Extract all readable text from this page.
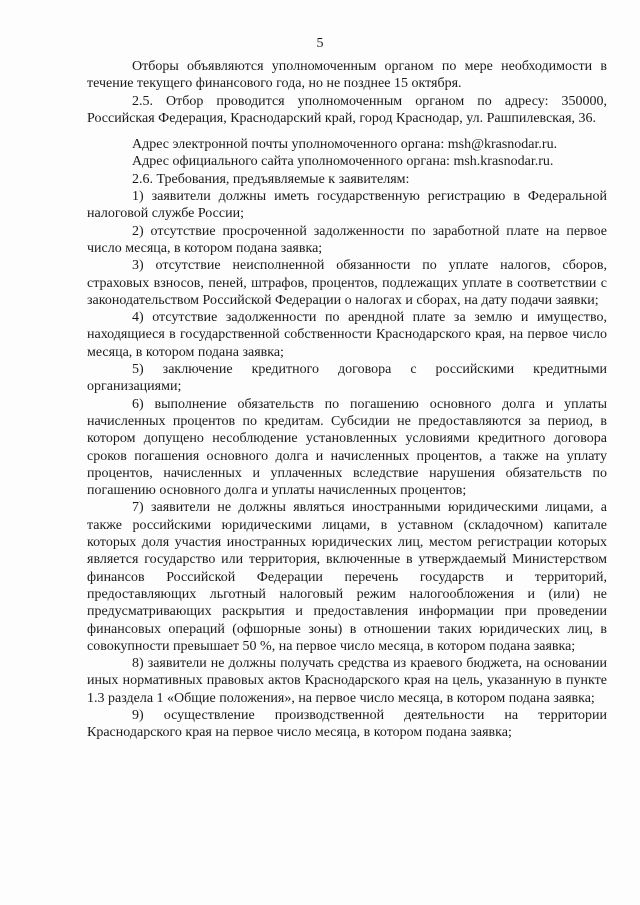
5

Отборы объявляются уполномоченным органом по мере необходимости в течение текущего финансового года, но не позднее 15 октября.

2.5. Отбор проводится уполномоченным органом по адресу: 350000, Российская Федерация, Краснодарский край, город Краснодар, ул. Рашпилевская, 36.

Адрес электронной почты уполномоченного органа: msh@krasnodar.ru.

Адрес официального сайта уполномоченного органа: msh.krasnodar.ru.

2.6. Требования, предъявляемые к заявителям:

1) заявители должны иметь государственную регистрацию в Федеральной налоговой службе России;

2) отсутствие просроченной задолженности по заработной плате на первое число месяца, в котором подана заявка;

3) отсутствие неисполненной обязанности по уплате налогов, сборов, страховых взносов, пеней, штрафов, процентов, подлежащих уплате в соответствии с законодательством Российской Федерации о налогах и сборах, на дату подачи заявки;

4) отсутствие задолженности по арендной плате за землю и имущество, находящиеся в государственной собственности Краснодарского края, на первое число месяца, в котором подана заявка;

5) заключение кредитного договора с российскими кредитными организациями;

6) выполнение обязательств по погашению основного долга и уплаты начисленных процентов по кредитам. Субсидии не предоставляются за период, в котором допущено несоблюдение установленных условиями кредитного договора сроков погашения основного долга и начисленных процентов, а также на уплату процентов, начисленных и уплаченных вследствие нарушения обязательств по погашению основного долга и уплаты начисленных процентов;

7) заявители не должны являться иностранными юридическими лицами, а также российскими юридическими лицами, в уставном (складочном) капитале которых доля участия иностранных юридических лиц, местом регистрации которых является государство или территория, включенные в утверждаемый Министерством финансов Российской Федерации перечень государств и территорий, предоставляющих льготный налоговый режим налогообложения и (или) не предусматривающих раскрытия и предоставления информации при проведении финансовых операций (офшорные зоны) в отношении таких юридических лиц, в совокупности превышает 50 %, на первое число месяца, в котором подана заявка;

8) заявители не должны получать средства из краевого бюджета, на основании иных нормативных правовых актов Краснодарского края на цель, указанную в пункте 1.3 раздела 1 «Общие положения», на первое число месяца, в котором подана заявка;

9) осуществление производственной деятельности на территории Краснодарского края на первое число месяца, в котором подана заявка;
